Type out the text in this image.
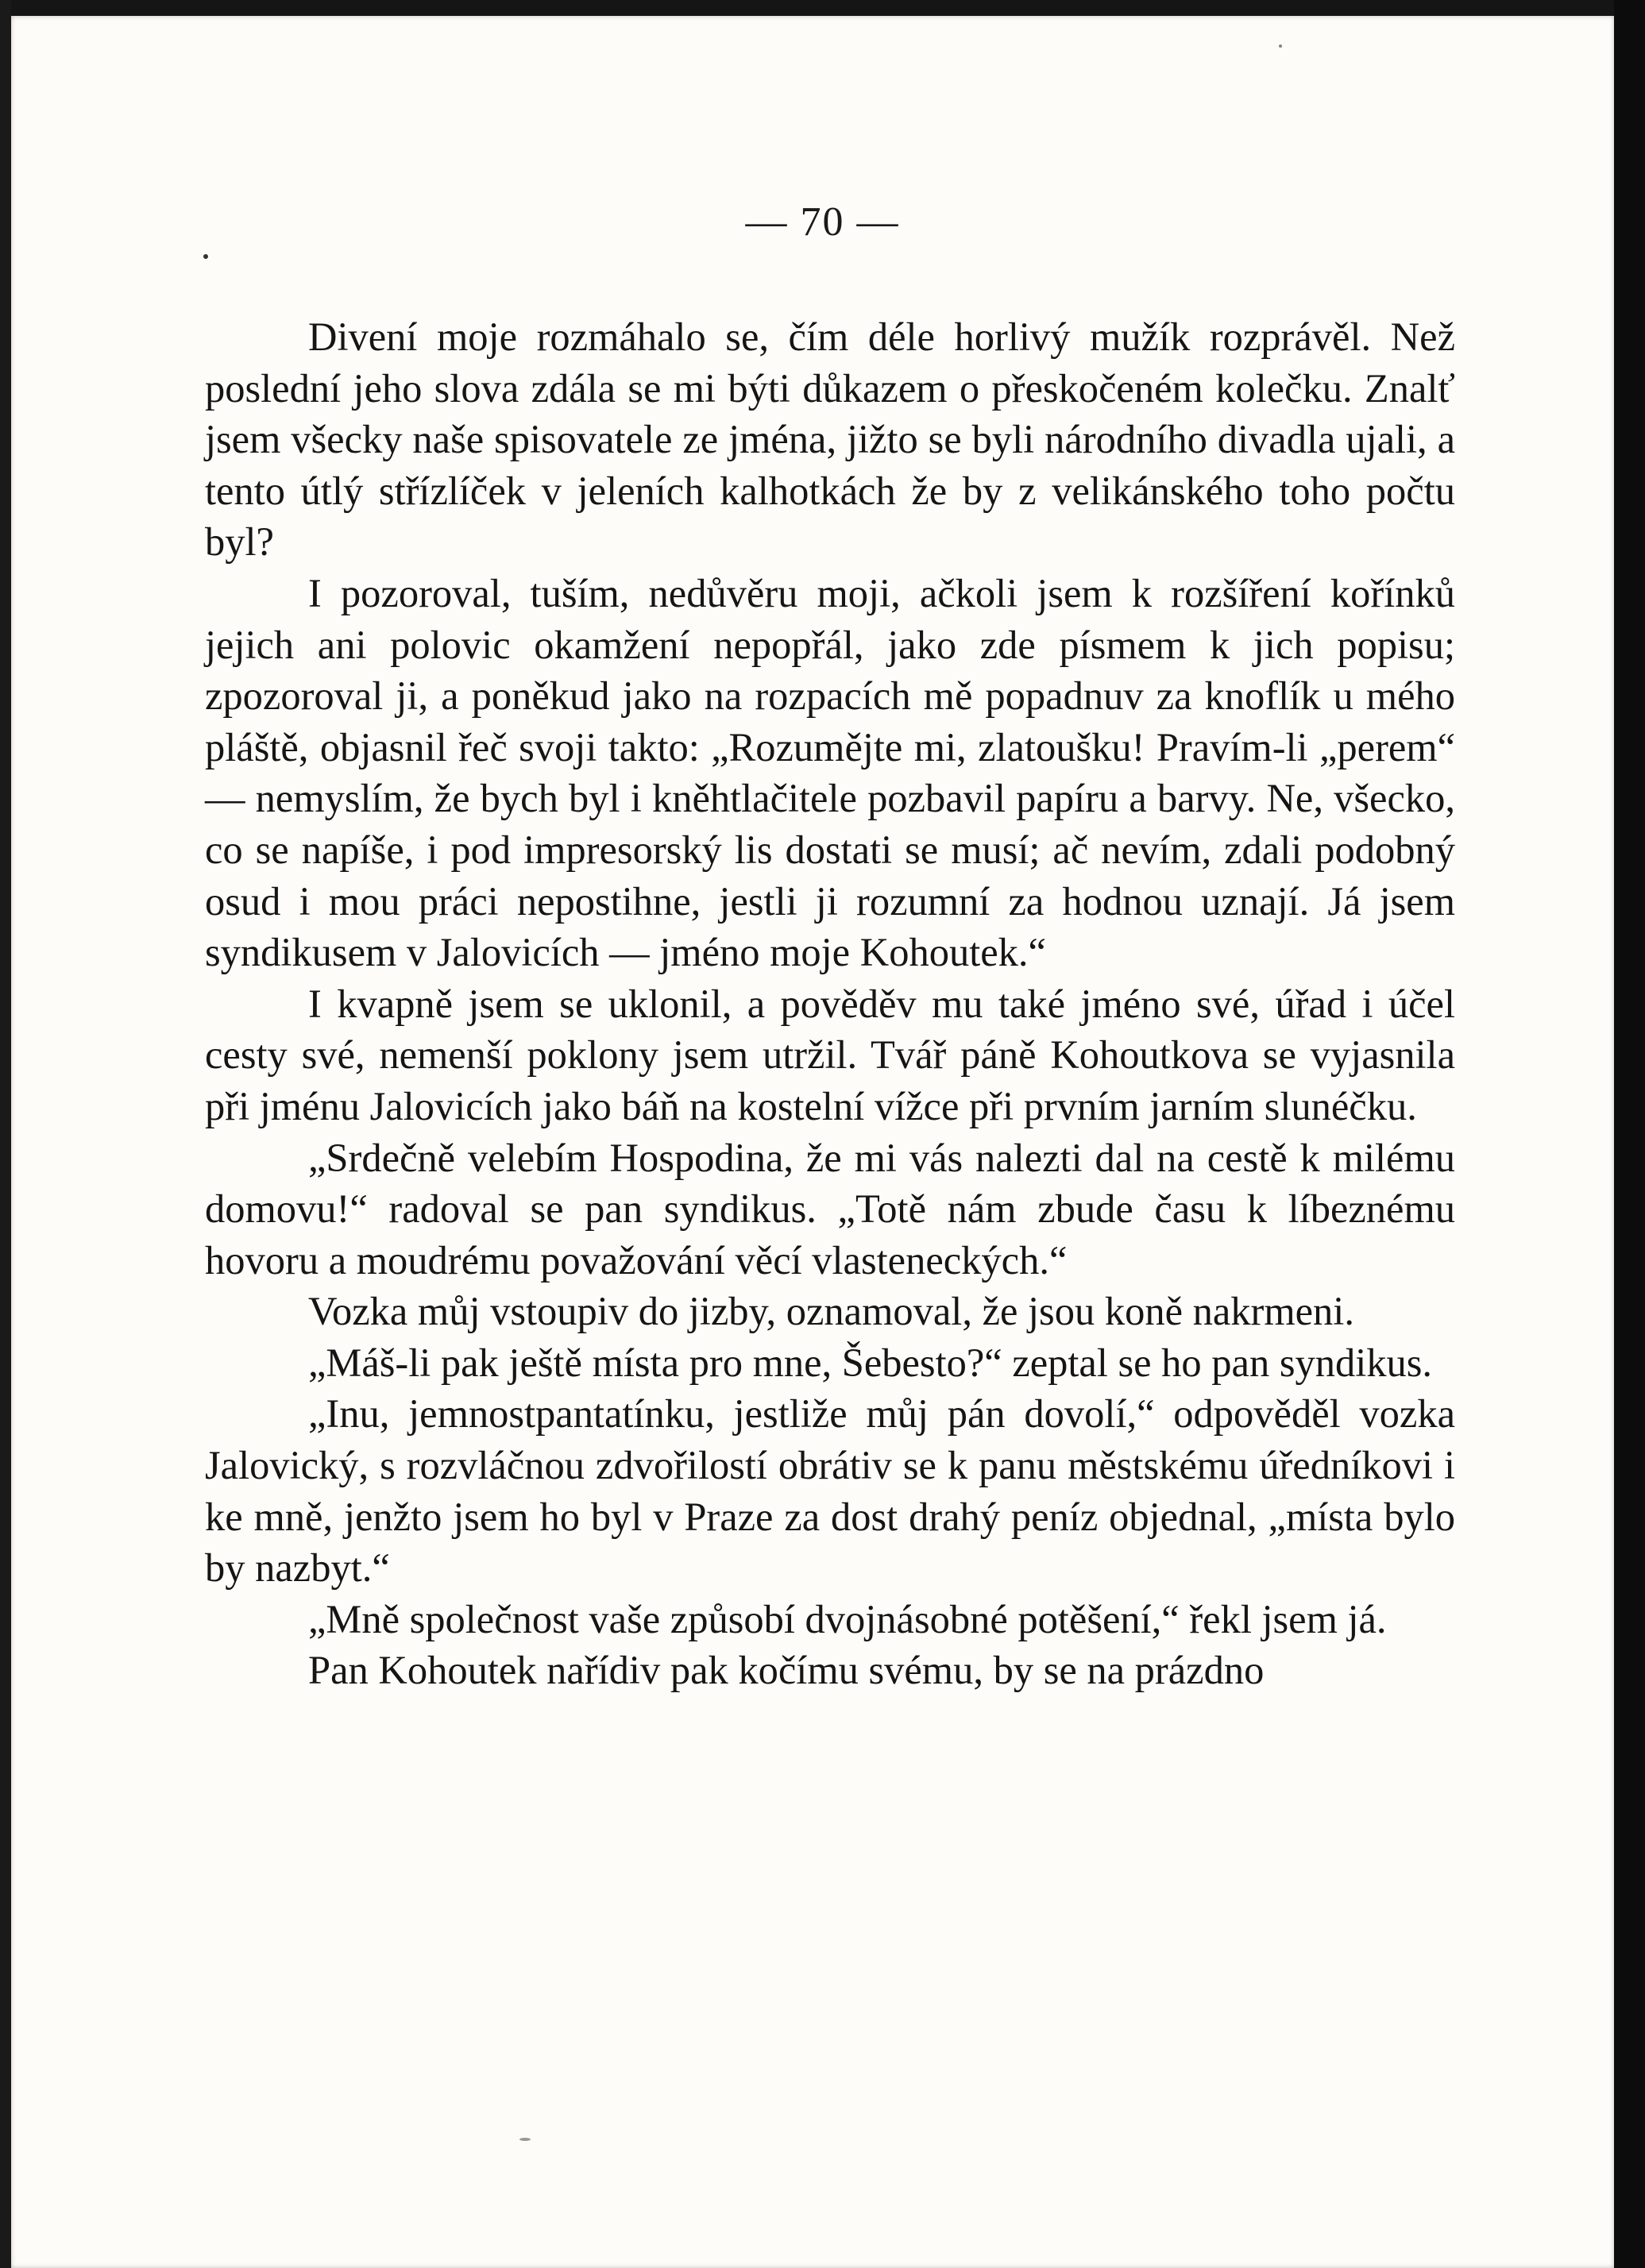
— 70 —

Divení moje rozmáhalo se, čím déle horlivý mužík rozprávěl. Než poslední jeho slova zdála se mi býti důkazem o přeskočeném kolečku. Znalť jsem všecky naše spisovatele ze jména, jižto se byli národního divadla ujali, a tento útlý střízlíček v jeleních kalhotkách že by z velikánského toho počtu byl?

I pozoroval, tuším, nedůvěru moji, ačkoli jsem k rozšíření kořínků jejich ani polovic okamžení nepopřál, jako zde písmem k jich popisu; zpozoroval ji, a poněkud jako na rozpacích mě popadnuv za knoflík u mého pláště, objasnil řeč svoji takto: „Rozumějte mi, zlatoušku! Pravím-li „perem“ — nemyslím, že bych byl i kněhtlačitele pozbavil papíru a barvy. Ne, všecko, co se napíše, i pod impresorský lis dostati se musí; ač nevím, zdali podobný osud i mou práci nepostihne, jestli ji rozumní za hodnou uznají. Já jsem syndikusem v Jalovicích — jméno moje Kohoutek.“

I kvapně jsem se uklonil, a pověděv mu také jméno své, úřad i účel cesty své, nemenší poklony jsem utržil. Tvář páně Kohoutkova se vyjasnila při jménu Jalovicích jako báň na kostelní vížce při prvním jarním slunéčku.

„Srdečně velebím Hospodina, že mi vás nalezti dal na cestě k milému domovu!“ radoval se pan syndikus. „Totě nám zbude času k líbeznému hovoru a moudrému považování věcí vlasteneckých.“

Vozka můj vstoupiv do jizby, oznamoval, že jsou koně nakrmeni.

„Máš-li pak ještě místa pro mne, Šebesto?“ zeptal se ho pan syndikus.

„Inu, jemnostpantatínku, jestliže můj pán dovolí,“ odpověděl vozka Jalovický, s rozvláčnou zdvořilostí obrátiv se k panu městskému úředníkovi i ke mně, jenžto jsem ho byl v Praze za dost drahý peníz objednal, „místa bylo by nazbyt.“

„Mně společnost vaše způsobí dvojnásobné potěšení,“ řekl jsem já.

Pan Kohoutek nařídiv pak kočímu svému, by se na prázdno
